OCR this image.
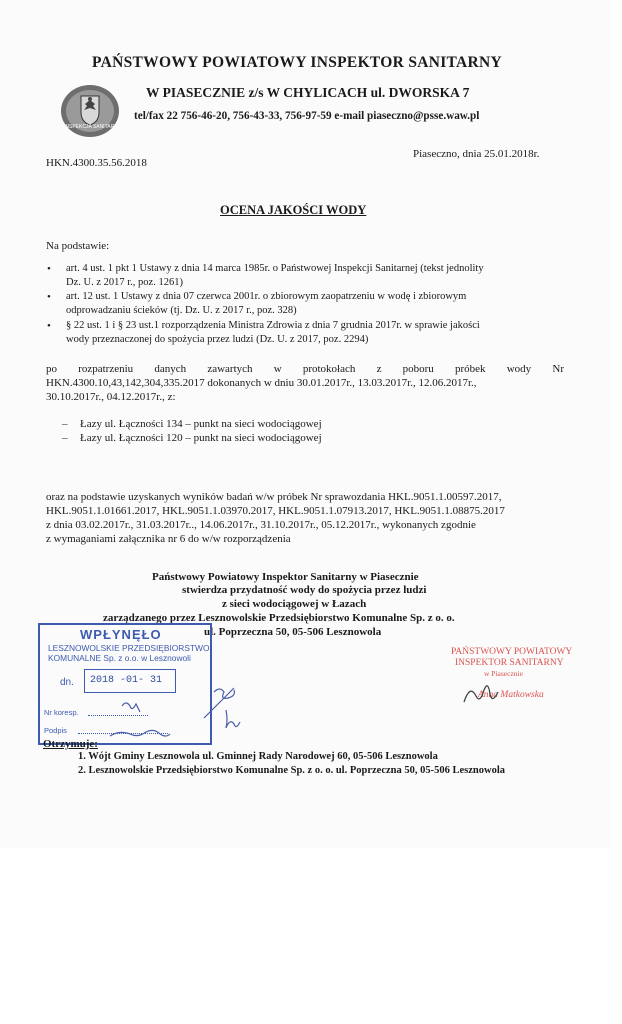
PAŃSTWOWY POWIATOWY INSPEKTOR SANITARNY
INSPEKCJA SANITARNA
W PIASECZNIE z/s W CHYLICACH ul. DWORSKA 7
tel/fax 22 756-46-20, 756-43-33, 756-97-59 e-mail piaseczno@psse.waw.pl
Piaseczno, dnia 25.01.2018r.
HKN.4300.35.56.2018
OCENA JAKOŚCI WODY
Na podstawie:
• art. 4 ust. 1 pkt 1 Ustawy z dnia 14 marca 1985r. o Państwowej Inspekcji Sanitarnej (tekst jednolity
Dz. U. z 2017 r., poz. 1261)
• art. 12 ust. 1 Ustawy z dnia 07 czerwca 2001r. o zbiorowym zaopatrzeniu w wodę i zbiorowym
odprowadzaniu ścieków (tj. Dz. U. z 2017 r., poz. 328)
• § 22 ust. 1 i § 23 ust.1 rozporządzenia Ministra Zdrowia z dnia 7 grudnia 2017r. w sprawie jakości
wody przeznaczonej do spożycia przez ludzi (Dz. U. z 2017, poz. 2294)
po rozpatrzeniu danych zawartych w protokołach z poboru próbek wody Nr
HKN.4300.10,43,142,304,335.2017 dokonanych w dniu 30.01.2017r., 13.03.2017r., 12.06.2017r.,
30.10.2017r., 04.12.2017r., z:
– Łazy ul. Łączności 134 – punkt na sieci wodociągowej
– Łazy ul. Łączności 120 – punkt na sieci wodociągowej
oraz na podstawie uzyskanych wyników badań w/w próbek Nr sprawozdania HKL.9051.1.00597.2017,
HKL.9051.1.01661.2017, HKL.9051.1.03970.2017, HKL.9051.1.07913.2017, HKL.9051.1.08875.2017
z dnia 03.02.2017r., 31.03.2017r.., 14.06.2017r., 31.10.2017r., 05.12.2017r., wykonanych zgodnie
z wymaganiami załącznika nr 6 do w/w rozporządzenia
Państwowy Powiatowy Inspektor Sanitarny w Piasecznie
stwierdza przydatność wody do spożycia przez ludzi
z sieci wodociągowej w Łazach
zarządzanego przez Lesznowolskie Przedsiębiorstwo Komunalne Sp. z o. o.
ul. Poprzeczna 50, 05-506 Lesznowola
WPŁYNĘŁO
LESZNOWOLSKIE PRZEDSIĘBIORSTWO
KOMUNALNE Sp. z o.o. w Lesznowoli
dn. 2018 -01- 31
Nr koresp.
Podpis
PAŃSTWOWY POWIATOWY
INSPEKTOR SANITARNY
w Piasecznie
Anna Matkowska
Otrzymuje:
1. Wójt Gminy Lesznowola ul. Gminnej Rady Narodowej 60, 05-506 Lesznowola
2. Lesznowolskie Przedsiębiorstwo Komunalne Sp. z o. o. ul. Poprzeczna 50, 05-506 Lesznowola
